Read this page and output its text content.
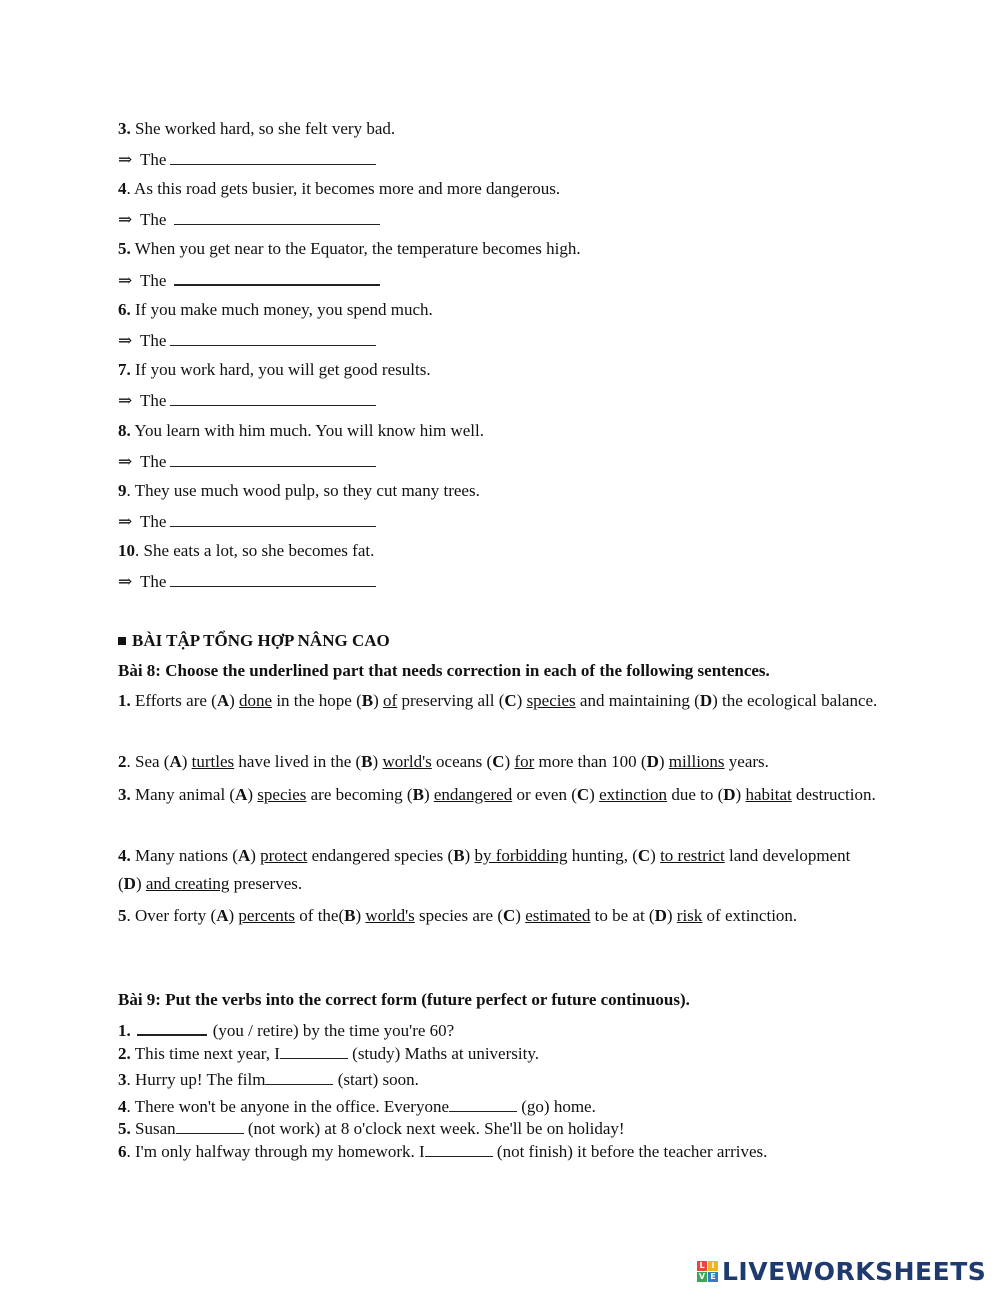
3. She worked hard, so she felt very bad.
⇒ The
4. As this road gets busier, it becomes more and more dangerous.
⇒ The
5. When you get near to the Equator, the temperature becomes high.
⇒ The
6. If you make much money, you spend much.
⇒ The
7. If you work hard, you will get good results.
⇒ The
8. You learn with him much. You will know him well.
⇒ The
9. They use much wood pulp, so they cut many trees.
⇒ The
10. She eats a lot, so she becomes fat.
⇒ The
BÀI TẬP TỔNG HỢP NÂNG CAO
Bài 8: Choose the underlined part that needs correction in each of the following sentences.
1. Efforts are (A) done in the hope (B) of preserving all (C) species and maintaining (D) the ecological balance.
2. Sea (A) turtles have lived in the (B) world's oceans (C) for more than 100 (D) millions years.
3. Many animal (A) species are becoming (B) endangered or even (C) extinction due to (D) habitat destruction.
4. Many nations (A) protect endangered species (B) by forbidding hunting, (C) to restrict land development (D) and creating preserves.
5. Over forty (A) percents of the(B) world's species are (C) estimated to be at (D) risk of extinction.
Bài 9: Put the verbs into the correct form (future perfect or future continuous).
1.	(you / retire) by the time you're 60?
2. This time next year, I	(study) Maths at university.
3. Hurry up! The film	(start) soon.
4. There won't be anyone in the office. Everyone	(go) home.
5. Susan	(not work) at 8 o'clock next week. She'll be on holiday!
6. I'm only halfway through my homework. I	(not finish) it before the teacher arrives.
L I
V E LIVEWORKSHEETS
